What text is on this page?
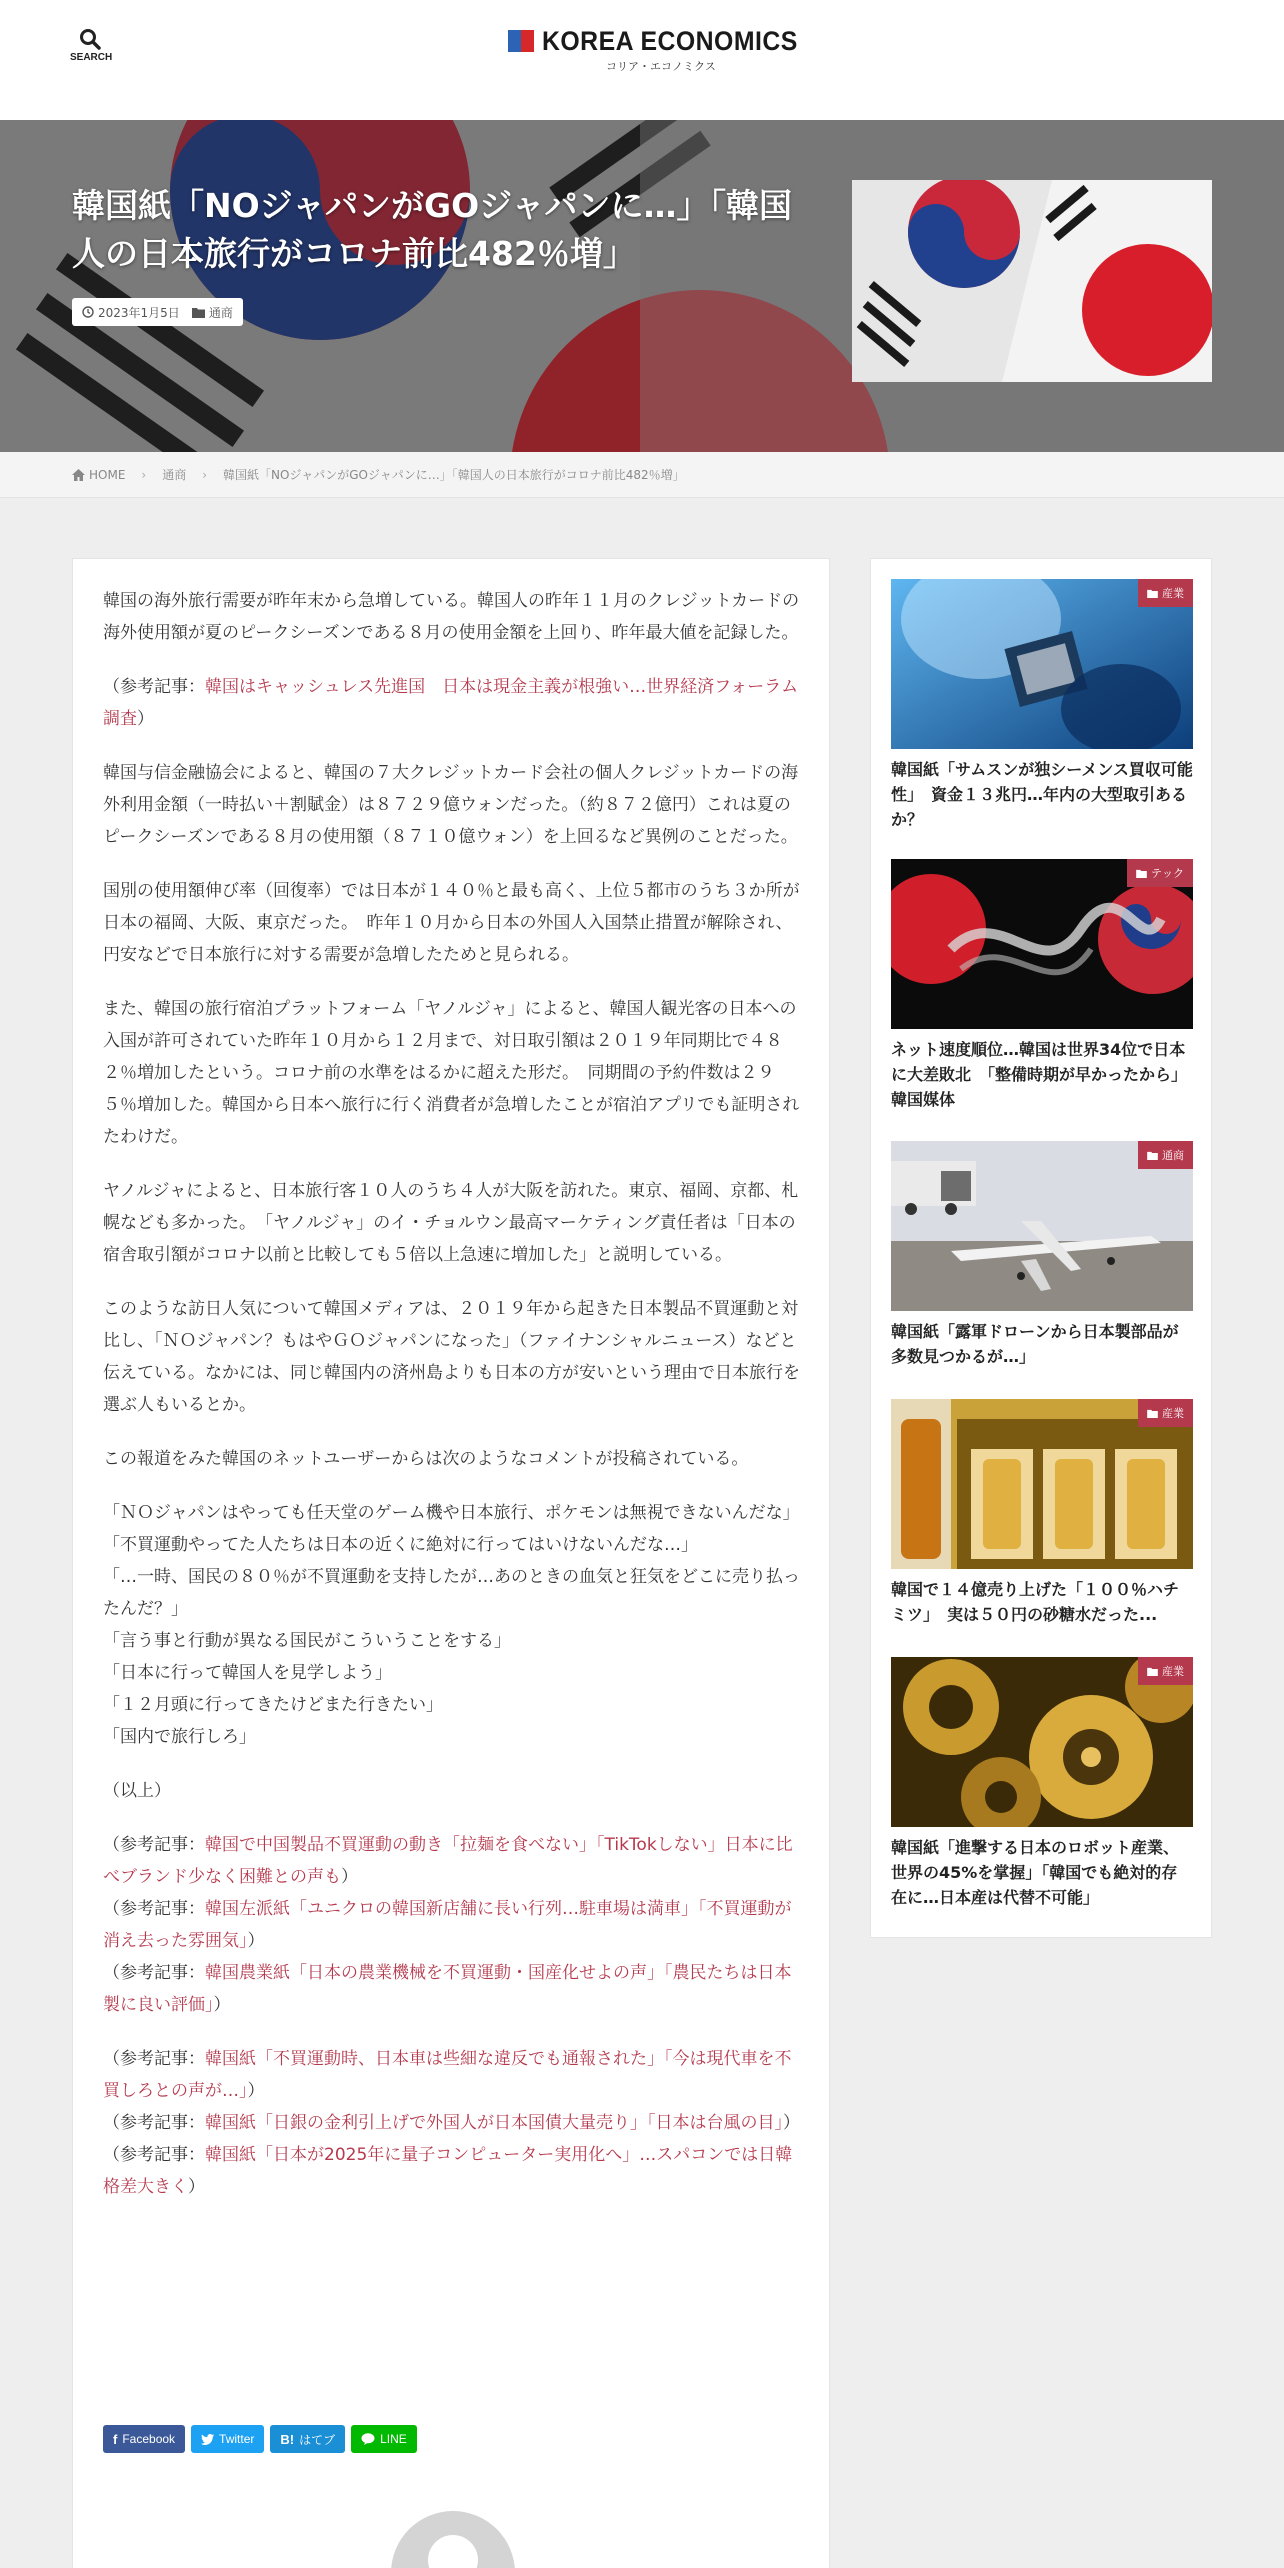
SEARCH
KOREA ECONOMICS
コリア・エコノミクス
韓国紙「NOジャパンがGOジャパンに…」「韓国人の日本旅行がコロナ前比482％増」
2023年1月5日 通商
HOME › 通商 › 韓国紙「NOジャパンがGOジャパンに…」「韓国人の日本旅行がコロナ前比482％増」

韓国の海外旅行需要が昨年末から急増している。韓国人の昨年１１月のクレジットカードの海外使用額が夏のピークシーズンである８月の使用金額を上回り、昨年最大値を記録した。

（参考記事：韓国はキャッシュレス先進国　日本は現金主義が根強い…世界経済フォーラム調査）

韓国与信金融協会によると、韓国の７大クレジットカード会社の個人クレジットカードの海外利用金額（一時払い＋割賦金）は８７２９億ウォンだった。（約８７２億円）これは夏のピークシーズンである８月の使用額（８７１０億ウォン）を上回るなど異例のことだった。

国別の使用額伸び率（回復率）では日本が１４０％と最も高く、上位５都市のうち３か所が日本の福岡、大阪、東京だった。　昨年１０月から日本の外国人入国禁止措置が解除され、円安などで日本旅行に対する需要が急増したためと見られる。

また、韓国の旅行宿泊プラットフォーム「ヤノルジャ」によると、韓国人観光客の日本への入国が許可されていた昨年１０月から１２月まで、対日取引額は２０１９年同期比で４８２％増加したという。コロナ前の水準をはるかに超えた形だ。　同期間の予約件数は２９５％増加した。韓国から日本へ旅行に行く消費者が急増したことが宿泊アプリでも証明されたわけだ。

ヤノルジャによると、日本旅行客１０人のうち４人が大阪を訪れた。東京、福岡、京都、札幌なども多かった。　「ヤノルジャ」のイ・チョルウン最高マーケティング責任者は「日本の宿舎取引額がコロナ以前と比較しても５倍以上急速に増加した」と説明している。

このような訪日人気について韓国メディアは、２０１９年から起きた日本製品不買運動と対比し、「ＮＯジャパン？もはやＧＯジャパンになった」（ファイナンシャルニュース）などと伝えている。なかには、同じ韓国内の済州島よりも日本の方が安いという理由で日本旅行を選ぶ人もいるとか。

この報道をみた韓国のネットユーザーからは次のようなコメントが投稿されている。

「ＮＯジャパンはやっても任天堂のゲーム機や日本旅行、ポケモンは無視できないんだな」
「不買運動やってた人たちは日本の近くに絶対に行ってはいけないんだな…」
「…一時、国民の８０％が不買運動を支持したが…あのときの血気と狂気をどこに売り払ったんだ？」
「言う事と行動が異なる国民がこういうことをする」
「日本に行って韓国人を見学しよう」
「１２月頭に行ってきたけどまた行きたい」
「国内で旅行しろ」

（以上）

（参考記事：韓国で中国製品不買運動の動き「拉麺を食べない」「TikTokしない」日本に比べブランド少なく困難との声も）
（参考記事：韓国左派紙「ユニクロの韓国新店舗に長い行列…駐車場は満車」「不買運動が消え去った雰囲気」）
（参考記事：韓国農業紙「日本の農業機械を不買運動・国産化せよの声」「農民たちは日本製に良い評価」）

（参考記事：韓国紙「不買運動時、日本車は些細な違反でも通報された」「今は現代車を不買しろとの声が…」）
（参考記事：韓国紙「日銀の金利引上げで外国人が日本国債大量売り」「日本は台風の目」）
（参考記事：韓国紙「日本が2025年に量子コンピューター実用化へ」…スパコンでは日韓格差大きく）

f Facebook	Twitter B! はてブ	LINE
産業
韓国紙「サムスンが独シーメンス買収可能性」　資金１３兆円…年内の大型取引あるか？
テック
ネット速度順位…韓国は世界34位で日本に大差敗北　「整備時期が早かったから」韓国媒体
通商
韓国紙「露軍ドローンから日本製部品が多数見つかるが…」
産業
韓国で１４億売り上げた「１００％ハチミツ」　実は５０円の砂糖水だった...
産業
韓国紙「進撃する日本のロボット産業、世界の45%を掌握」「韓国でも絶対的存在に…日本産は代替不可能」
